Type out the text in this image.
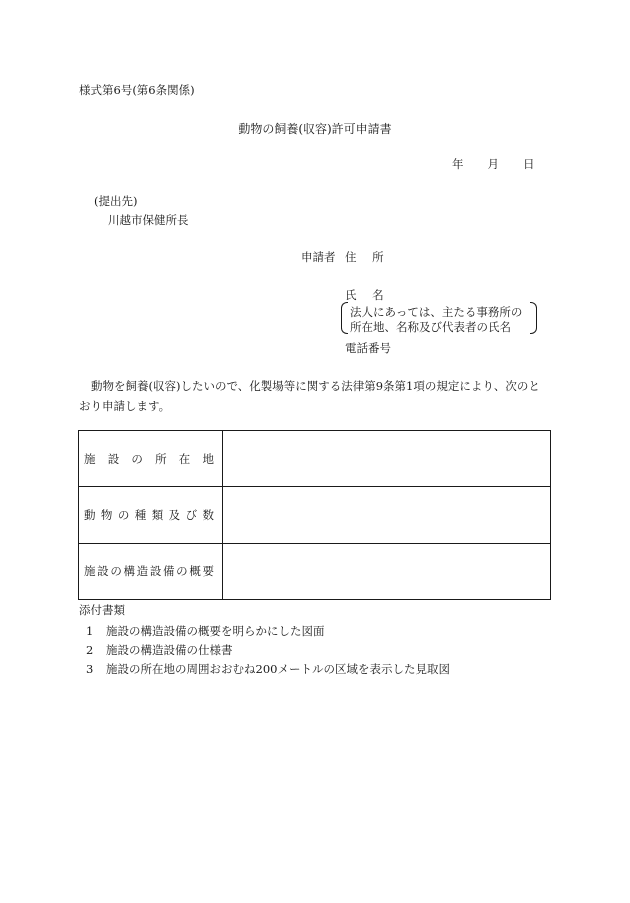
様式第6号(第6条関係)
動物の飼養(収容)許可申請書
年 月 日
(提出先)
川越市保健所長
申請者 住 所
氏 名
法人にあっては、主たる事務所の
所在地、名称及び代表者の氏名
電話番号
動物を飼養(収容)したいので、化製場等に関する法律第9条第1項の規定により、次のとおり申請します。
施設の所在地	

動物の種類及び数	

施設の構造設備の概要	

添付書類
1 施設の構造設備の概要を明らかにした図面
2 施設の構造設備の仕様書
3 施設の所在地の周囲おおむね200メートルの区域を表示した見取図
